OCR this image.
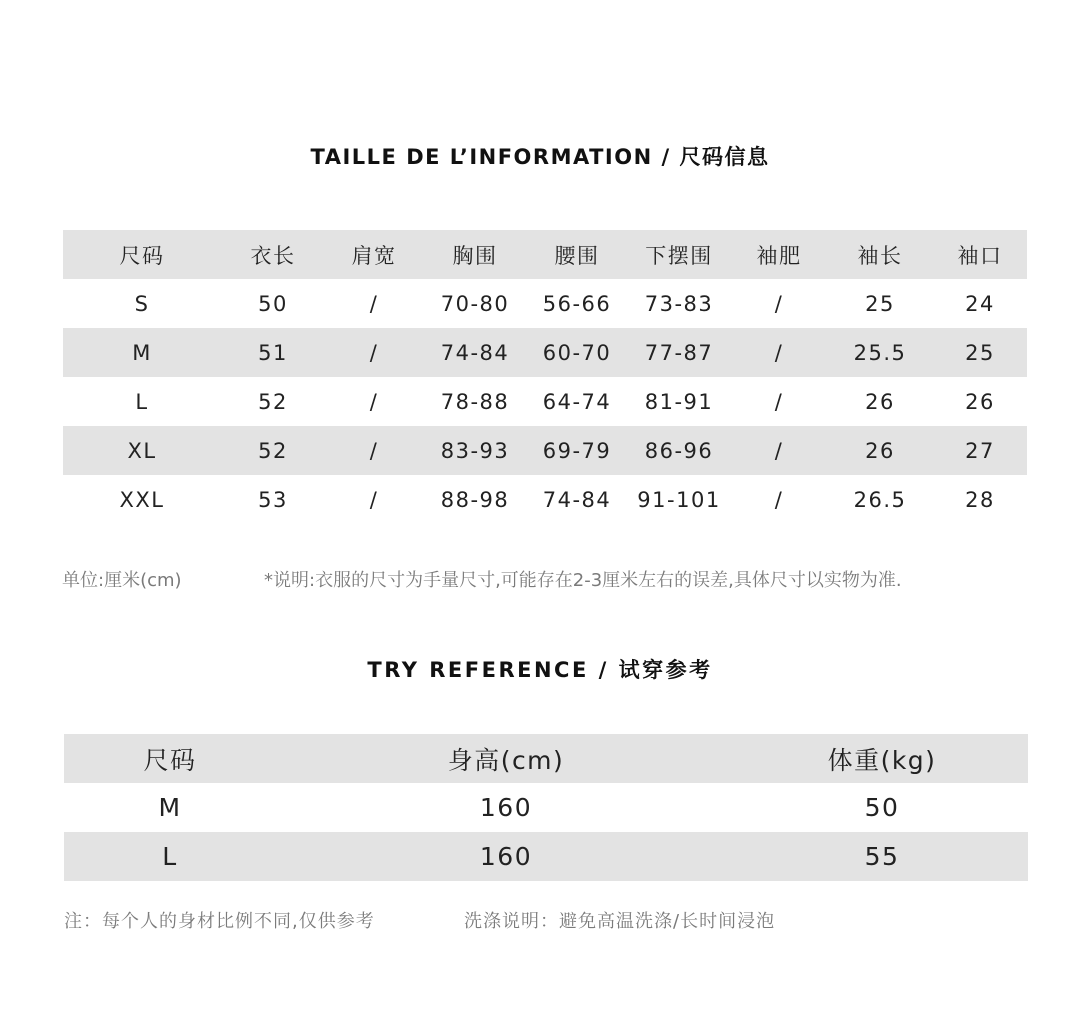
TAILLE DE L’INFORMATION / 尺码信息
尺码	衣长	肩宽	胸围	腰围	下摆围	袖肥	袖长	袖口
S	50	/	70-80	56-66	73-83	/	25	24
M	51	/	74-84	60-70	77-87	/	25.5	25
L	52	/	78-88	64-74	81-91	/	26	26
XL	52	/	83-93	69-79	86-96	/	26	27
XXL	53	/	88-98	74-84	91-101	/	26.5	28
单位:厘米(cm)	*说明:衣服的尺寸为手量尺寸,可能存在2-3厘米左右的误差,具体尺寸以实物为准.
TRY REFERENCE / 试穿参考
尺码	身高(cm)	体重(kg)
M	160	50
L	160	55
注：每个人的身材比例不同,仅供参考	洗涤说明：避免高温洗涤/长时间浸泡
